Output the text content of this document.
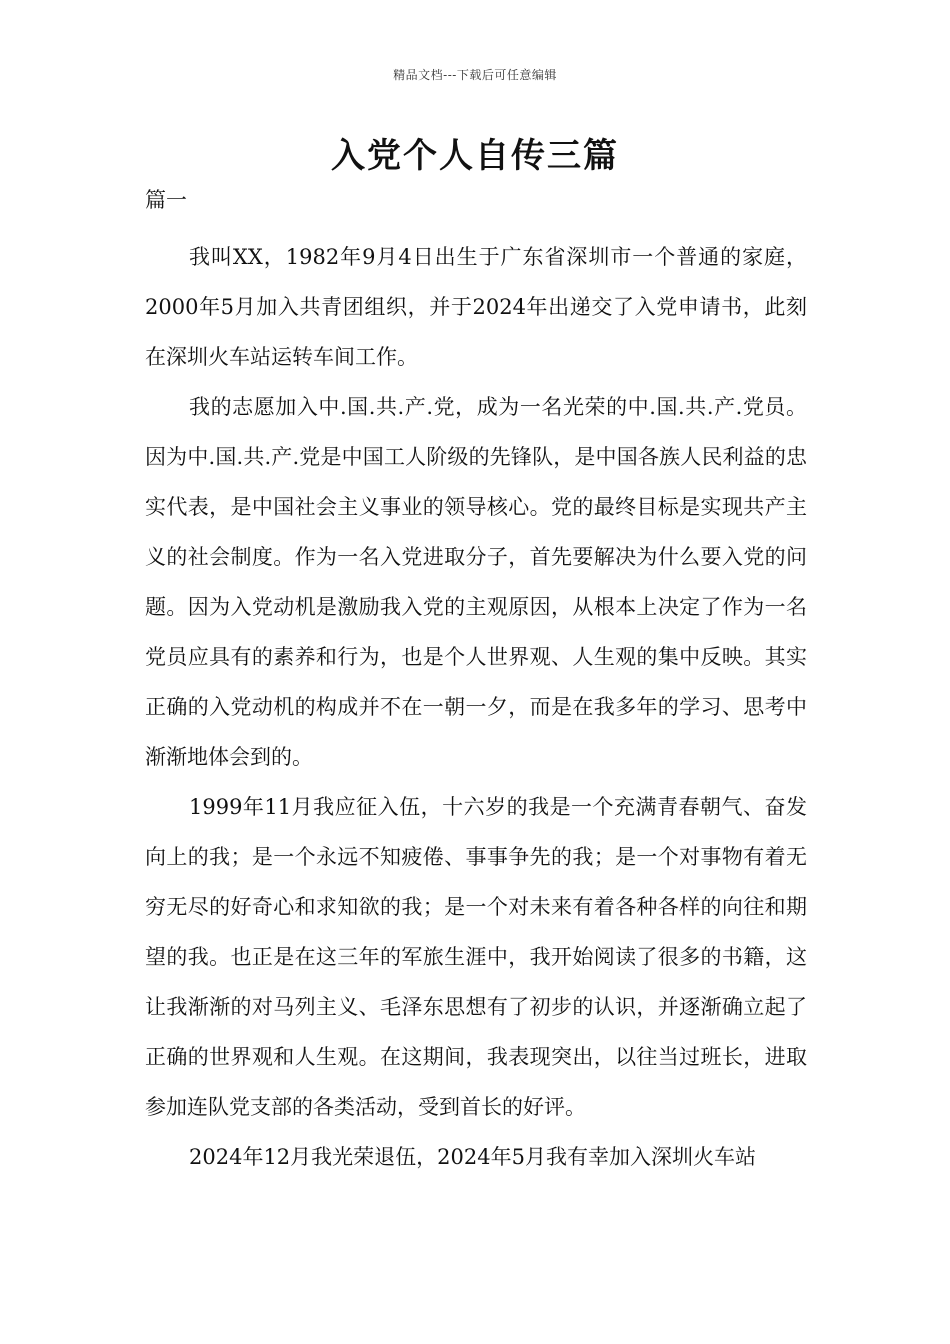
精品文档---下载后可任意编辑
入党个人自传三篇
篇一

我叫XX，1982年9月4日出生于广东省深圳市一个普通的家庭，2000年5月加入共青团组织，并于2024年出递交了入党申请书，此刻在深圳火车站运转车间工作。

我的志愿加入中.国.共.产.党，成为一名光荣的中.国.共.产.党员。因为中.国.共.产.党是中国工人阶级的先锋队，是中国各族人民利益的忠实代表，是中国社会主义事业的领导核心。党的最终目标是实现共产主义的社会制度。作为一名入党进取分子，首先要解决为什么要入党的问题。因为入党动机是激励我入党的主观原因，从根本上决定了作为一名党员应具有的素养和行为，也是个人世界观、人生观的集中反映。其实正确的入党动机的构成并不在一朝一夕，而是在我多年的学习、思考中渐渐地体会到的。

1999年11月我应征入伍，十六岁的我是一个充满青春朝气、奋发向上的我；是一个永远不知疲倦、事事争先的我；是一个对事物有着无穷无尽的好奇心和求知欲的我；是一个对未来有着各种各样的向往和期望的我。也正是在这三年的军旅生涯中，我开始阅读了很多的书籍，这让我渐渐的对马列主义、毛泽东思想有了初步的认识，并逐渐确立起了正确的世界观和人生观。在这期间，我表现突出，以往当过班长，进取参加连队党支部的各类活动，受到首长的好评。

2024年12月我光荣退伍，2024年5月我有幸加入深圳火车站
